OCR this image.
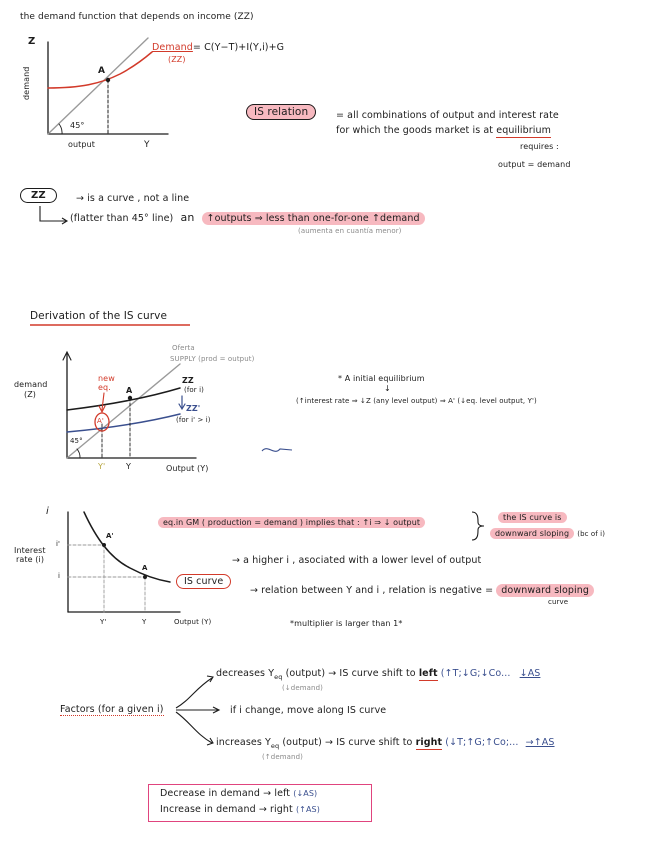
the demand function that depends on income (ZZ)
Z
demand
output	Y
45°
A
Demand= C(Y−T)+I(Y,i)+G
(ZZ)
IS relation	= all combinations of output and interest rate
for which the goods market is at equilibrium
requires :
output = demand
ZZ	→ is a curve , not a line
(flatter than 45° line) an ↑outputs ⇒ less than one-for-one ↑demand
(aumenta en cuantía menor)
Derivation of the IS curve
Oferta
SUPPLY (prod = output)
demand
(Z)
new
eq.
ZZ
(for i)
ZZ'
(for i' > i)
A
A'
45°
Y'	Y	Output (Y)
* A initial equilibrium
↓
(↑interest rate ⇒ ↓Z (any level output) ⇒ A' (↓eq. level output, Y')
i
Interest
rate (i)
i'
i
A'
A
Y'	Y	Output (Y)
IS curve
eq.in GM ( production = demand ) implies that : ↑i ⇒ ↓ output
the IS curve is
downward sloping (bc of i)
→ a higher i , asociated with a lower level of output
→ relation between Y and i , relation is negative = downward sloping
curve
*multiplier is larger than 1*
Factors (for a given i)
decreases $Y_{eq}$ (output) → IS curve shift to left (↑T;↓G;↓Co... ↓AS
(↓demand)
if i change, move along IS curve
increases $Y_{eq}$ (output) → IS curve shift to right (↓T;↑G;↑Co;... →↑AS
(↑demand)
Decrease in demand → left (↓AS)
Increase in demand → right (↑AS)
